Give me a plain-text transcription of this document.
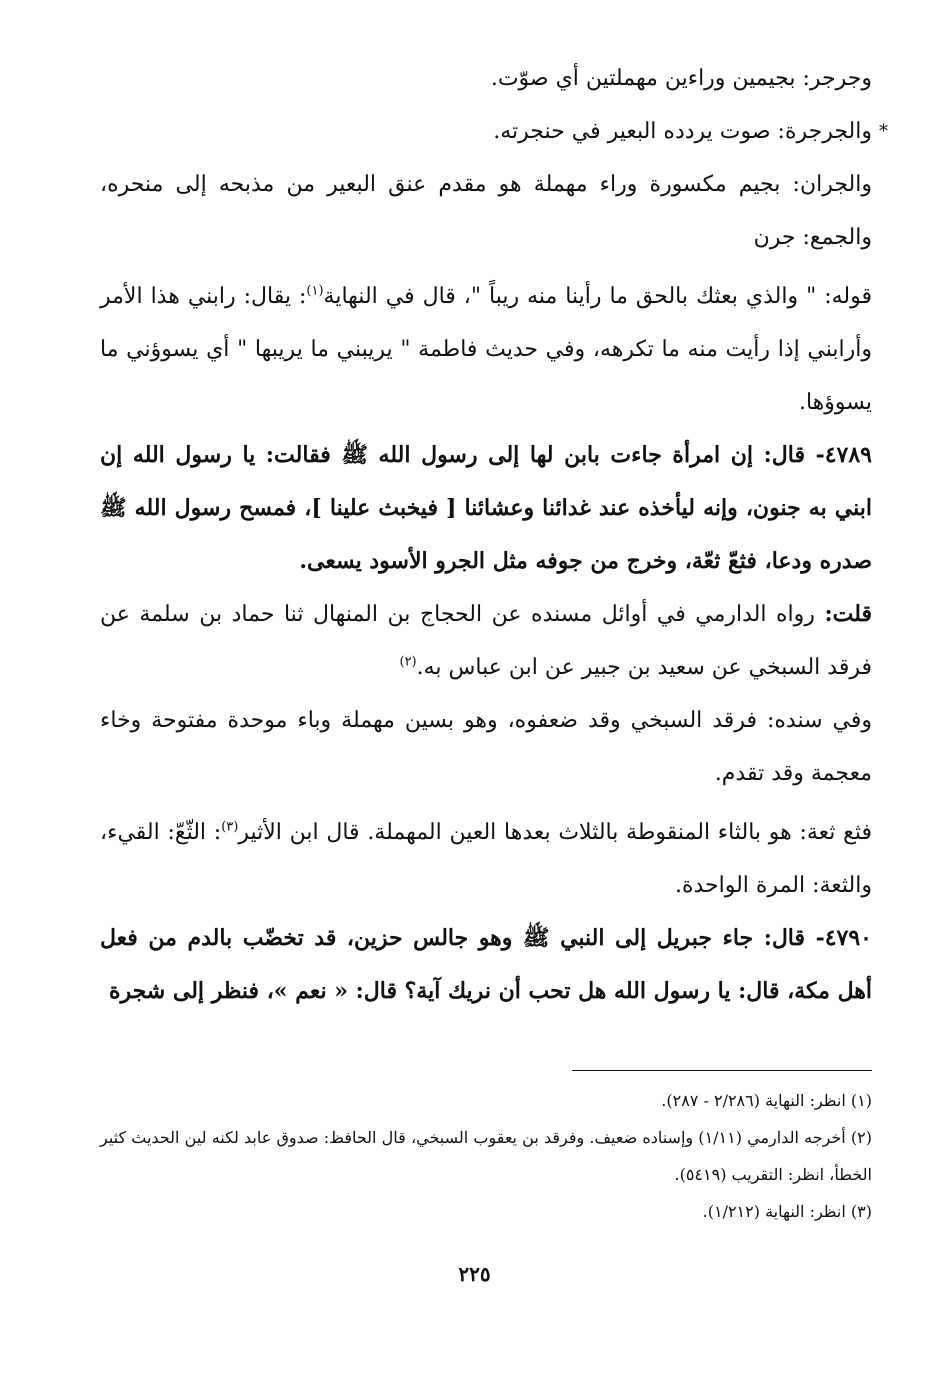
وجرجر: بجيمين وراءين مهملتين أي صوّت.

*
والجرجرة: صوت يردده البعير في حنجرته.

والجران: بجيم مكسورة وراء مهملة هو مقدم عنق البعير من مذبحه إلى منحره، والجمع: جرن

قوله: " والذي بعثك بالحق ما رأينا منه ريباً "، قال في النهاية$^{(١)}$: يقال: رابني هذا الأمر وأرابني إذا رأيت منه ما تكرهه، وفي حديث فاطمة " يريبني ما يريبها " أي يسوؤني ما يسوؤها.

٤٧٨٩- قال: إن امرأة جاءت بابن لها إلى رسول الله ﷺ فقالت: يا رسول الله إن ابني به جنون، وإنه ليأخذه عند غدائنا وعشائنا [ فيخبث علينا ]، فمسح رسول الله ﷺ صدره ودعا، فثعّ ثعّة، وخرج من جوفه مثل الجرو الأسود يسعى.

قلت: رواه الدارمي في أوائل مسنده عن الحجاج بن المنهال ثنا حماد بن سلمة عن فرقد السبخي عن سعيد بن جبير عن ابن عباس به.$^{(٢)}$

وفي سنده: فرقد السبخي وقد ضعفوه، وهو بسين مهملة وباء موحدة مفتوحة وخاء معجمة وقد تقدم.

فثع ثعة: هو بالثاء المنقوطة بالثلاث بعدها العين المهملة. قال ابن الأثير$^{(٣)}$: الثّعّ: القيء، والثعة: المرة الواحدة.

٤٧٩٠- قال: جاء جبريل إلى النبي ﷺ وهو جالس حزين، قد تخضّب بالدم من فعل أهل مكة، قال: يا رسول الله هل تحب أن نريك آية؟ قال: « نعم »، فنظر إلى شجرة

(١) انظر: النهاية (٢/٢٨٦ - ٢٨٧).

(٢) أخرجه الدارمي (١/١١) وإسناده ضعيف. وفرقد بن يعقوب السبخي، قال الحافظ: صدوق عابد لكنه لين الحديث كثير الخطأ، انظر: التقريب (٥٤١٩).

(٣) انظر: النهاية (١/٢١٢).

٢٢٥
